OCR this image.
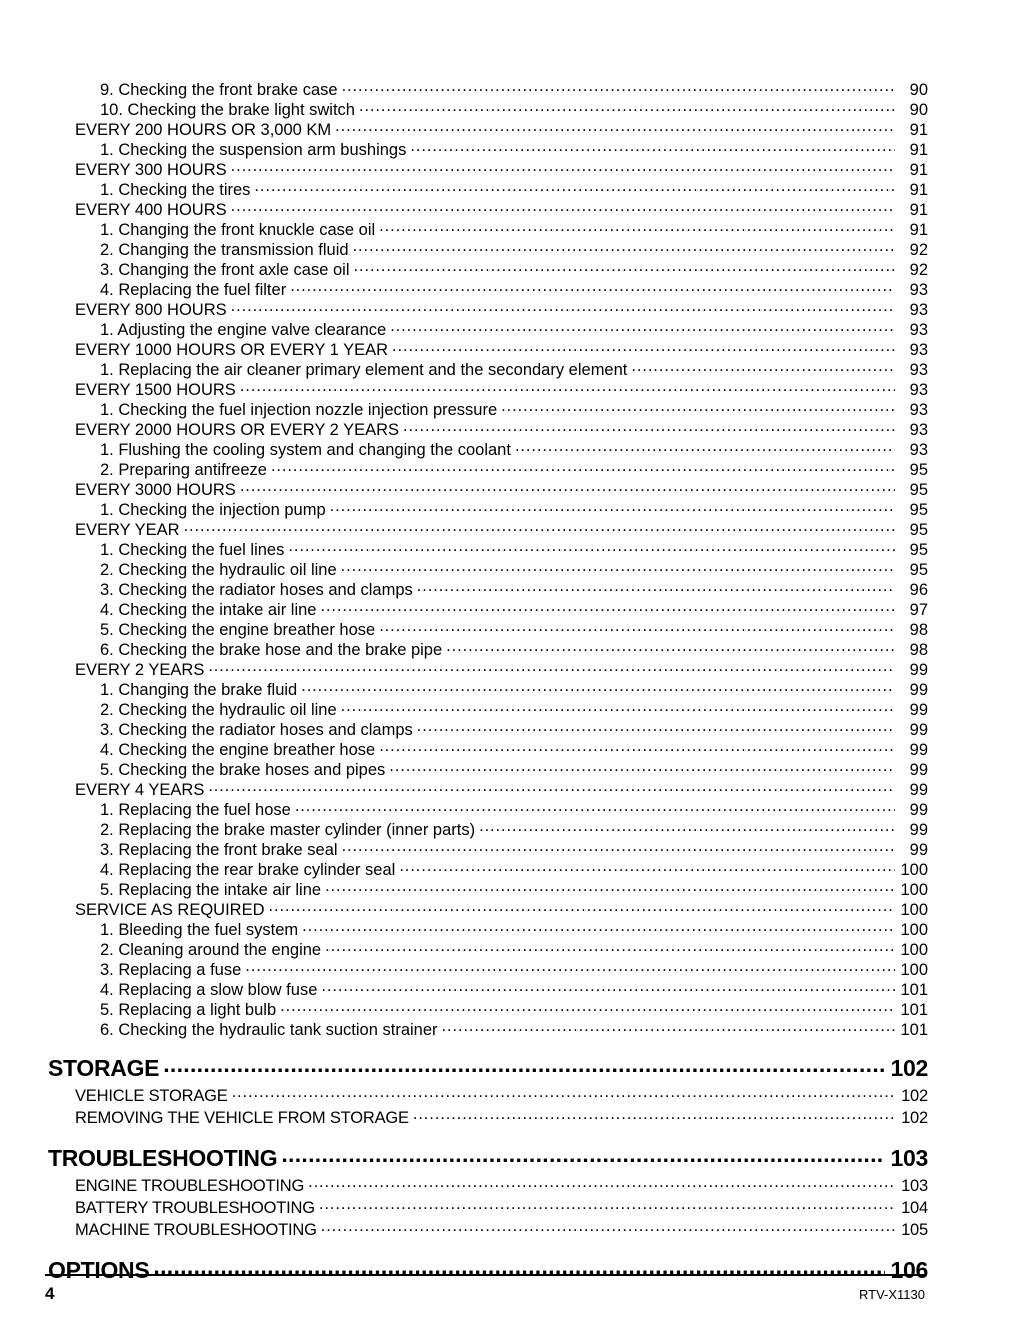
9. Checking the front brake case .....	90
10. Checking the brake light switch .....	90
EVERY 200 HOURS OR 3,000 KM .....	91
1. Checking the suspension arm bushings .....	91
EVERY 300 HOURS .....	91
1. Checking the tires .....	91
EVERY 400 HOURS .....	91
1. Changing the front knuckle case oil .....	91
2. Changing the transmission fluid .....	92
3. Changing the front axle case oil .....	92
4. Replacing the fuel filter .....	93
EVERY 800 HOURS .....	93
1. Adjusting the engine valve clearance .....	93
EVERY 1000 HOURS OR EVERY 1 YEAR .....	93
1. Replacing the air cleaner primary element and the secondary element .....	93
EVERY 1500 HOURS .....	93
1. Checking the fuel injection nozzle injection pressure .....	93
EVERY 2000 HOURS OR EVERY 2 YEARS .....	93
1. Flushing the cooling system and changing the coolant .....	93
2. Preparing antifreeze .....	95
EVERY 3000 HOURS .....	95
1. Checking the injection pump .....	95
EVERY YEAR .....	95
1. Checking the fuel lines .....	95
2. Checking the hydraulic oil line .....	95
3. Checking the radiator hoses and clamps .....	96
4. Checking the intake air line .....	97
5. Checking the engine breather hose .....	98
6. Checking the brake hose and the brake pipe .....	98
EVERY 2 YEARS .....	99
1. Changing the brake fluid .....	99
2. Checking the hydraulic oil line .....	99
3. Checking the radiator hoses and clamps .....	99
4. Checking the engine breather hose .....	99
5. Checking the brake hoses and pipes .....	99
EVERY 4 YEARS .....	99
1. Replacing the fuel hose .....	99
2. Replacing the brake master cylinder (inner parts) .....	99
3. Replacing the front brake seal .....	99
4. Replacing the rear brake cylinder seal .....	100
5. Replacing the intake air line .....	100
SERVICE AS REQUIRED .....	100
1. Bleeding the fuel system .....	100
2. Cleaning around the engine .....	100
3. Replacing a fuse .....	100
4. Replacing a slow blow fuse .....	101
5. Replacing a light bulb .....	101
6. Checking the hydraulic tank suction strainer .....	101
STORAGE .....	102
VEHICLE STORAGE .....	102
REMOVING THE VEHICLE FROM STORAGE .....	102
TROUBLESHOOTING .....	103
ENGINE TROUBLESHOOTING .....	103
BATTERY TROUBLESHOOTING .....	104
MACHINE TROUBLESHOOTING .....	105
OPTIONS .....	106
4	RTV-X1130
